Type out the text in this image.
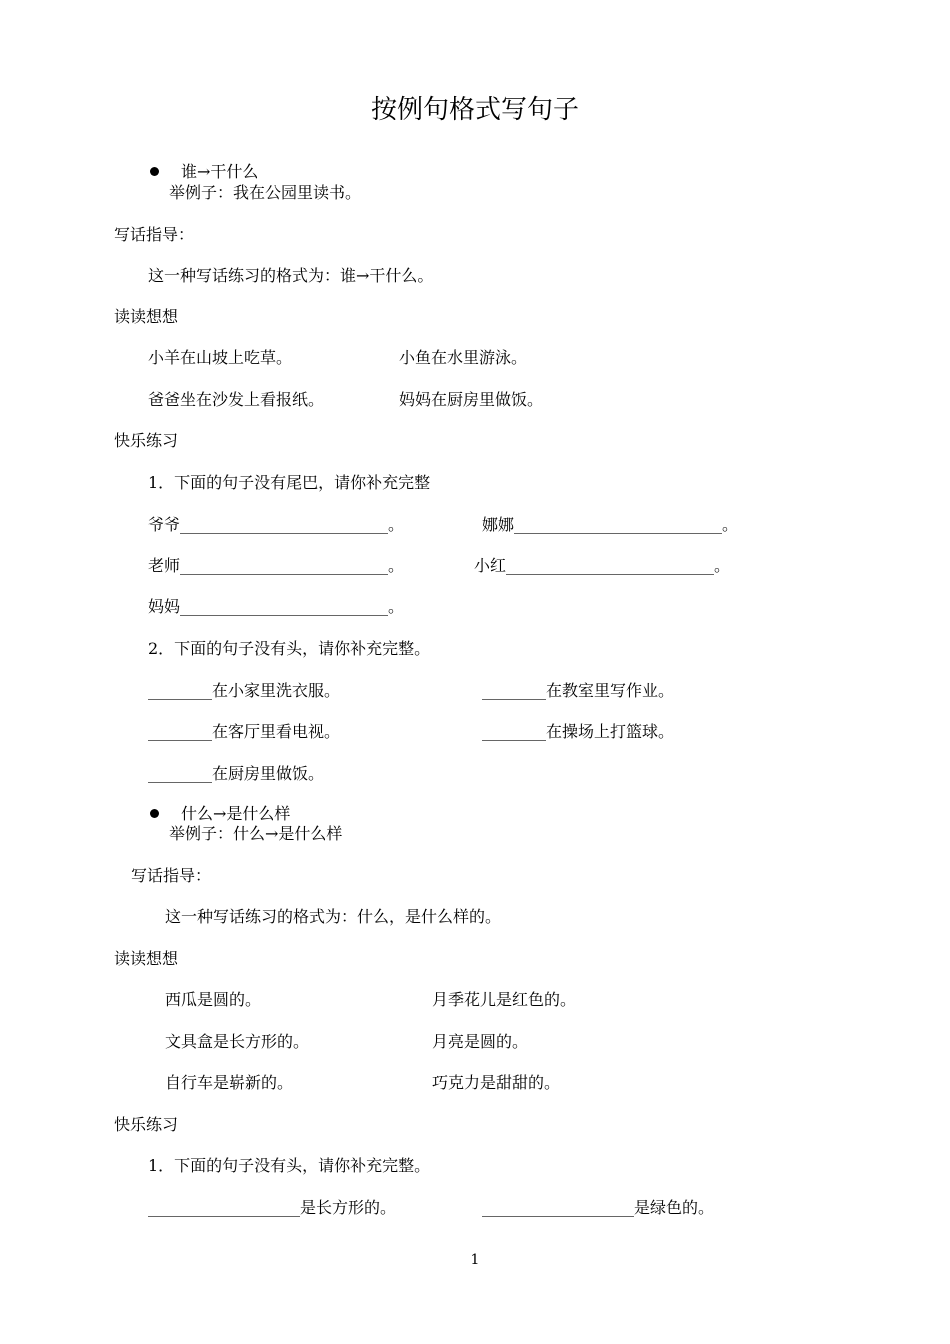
按例句格式写句子
谁→干什么
举例子：我在公园里读书。
写话指导：
这一种写话练习的格式为：谁→干什么。
读读想想
小羊在山坡上吃草。	小鱼在水里游泳。
爸爸坐在沙发上看报纸。	妈妈在厨房里做饭。
快乐练习
1．下面的句子没有尾巴，请你补充完整
爷爷__________________________。	娜娜__________________________。
老师__________________________。	小红__________________________。
妈妈__________________________。
2．下面的句子没有头，请你补充完整。
________在小家里洗衣服。	________在教室里写作业。
________在客厅里看电视。	________在操场上打篮球。
________在厨房里做饭。
什么→是什么样
举例子：什么→是什么样
写话指导：
这一种写话练习的格式为：什么，是什么样的。
读读想想
西瓜是圆的。	月季花儿是红色的。
文具盒是长方形的。	月亮是圆的。
自行车是崭新的。	巧克力是甜甜的。
快乐练习
1．下面的句子没有头，请你补充完整。
___________________是长方形的。	___________________是绿色的。
1
